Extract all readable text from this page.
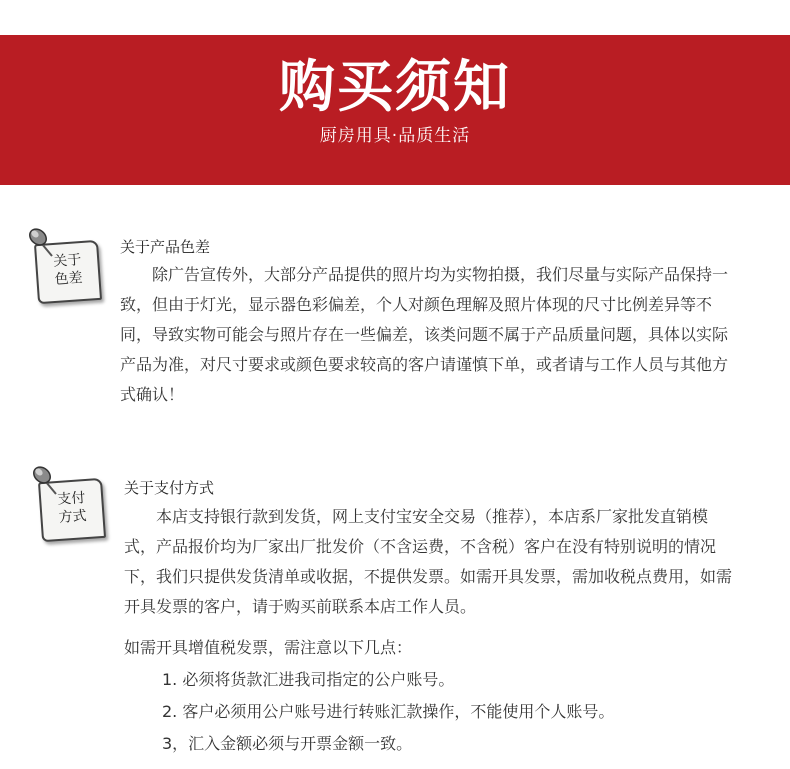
购买须知
厨房用具·品质生活
关于
色差
关于产品色差

除广告宣传外，大部分产品提供的照片均为实物拍摄，我们尽量与实际产品保持一致，但由于灯光，显示器色彩偏差，个人对颜色理解及照片体现的尺寸比例差异等不同，导致实物可能会与照片存在一些偏差，该类问题不属于产品质量问题，具体以实际产品为准，对尺寸要求或颜色要求较高的客户请谨慎下单，或者请与工作人员与其他方式确认！

支付
方式
关于支付方式

本店支持银行款到发货，网上支付宝安全交易（推荐），本店系厂家批发直销模式，产品报价均为厂家出厂批发价（不含运费，不含税）客户在没有特别说明的情况下，我们只提供发货清单或收据，不提供发票。如需开具发票，需加收税点费用，如需开具发票的客户，请于购买前联系本店工作人员。

如需开具增值税发票，需注意以下几点：
1. 必须将货款汇进我司指定的公户账号。
2. 客户必须用公户账号进行转账汇款操作，不能使用个人账号。
3，汇入金额必须与开票金额一致。
